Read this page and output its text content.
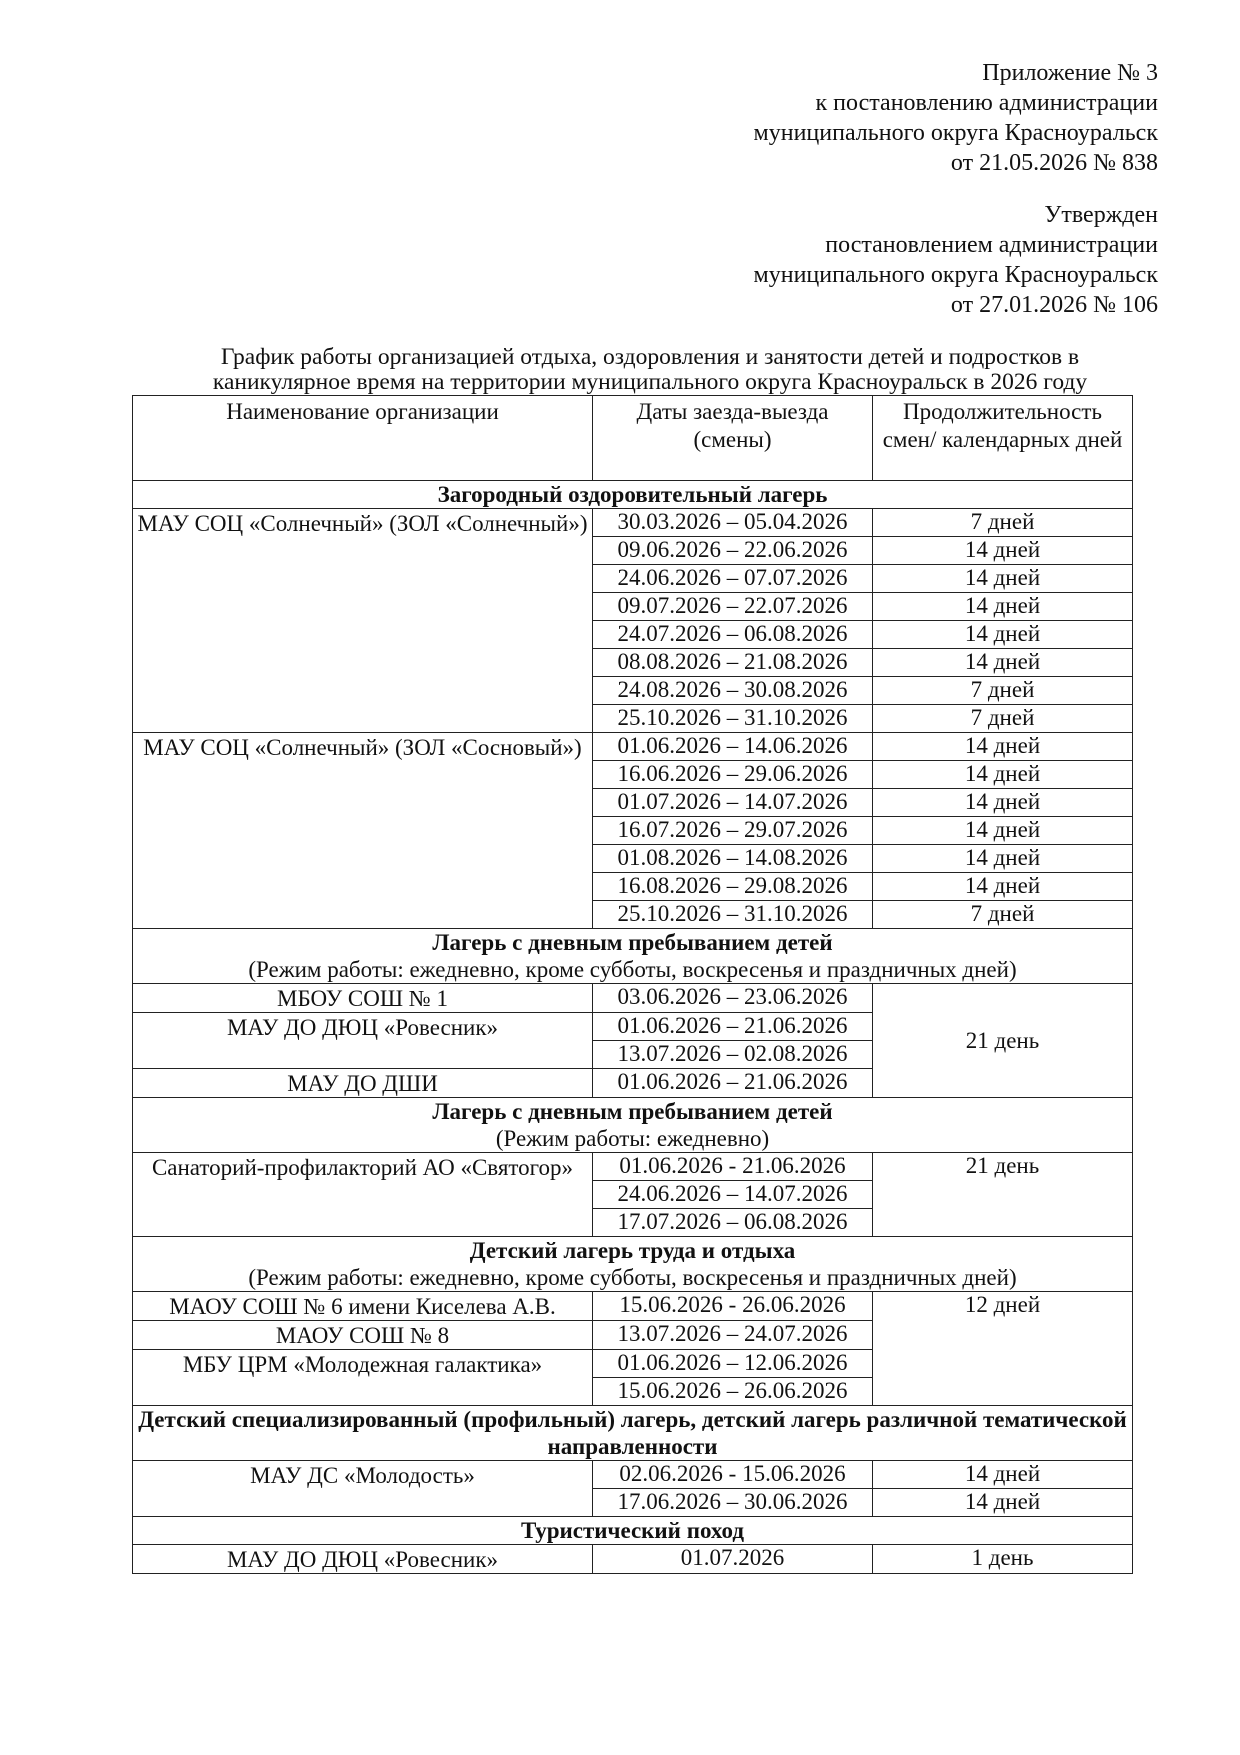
Приложение № 3
к постановлению администрации
муниципального округа Красноуральск
от 21.05.2026 № 838
Утвержден
постановлением администрации
муниципального округа Красноуральск
от 27.01.2026 № 106
График работы организацией отдыха, оздоровления и занятости детей и подростков в каникулярное время на территории муниципального округа Красноуральск в 2026 году
Наименование организации	Даты заезда-выезда (смены)	Продолжительность смен/ календарных дней
Загородный оздоровительный лагерь		
МАУ СОЦ «Солнечный» (ЗОЛ «Солнечный»)	30.03.2026 – 05.04.2026	7 дней
	09.06.2026 – 22.06.2026	14 дней
	24.06.2026 – 07.07.2026	14 дней
	09.07.2026 – 22.07.2026	14 дней
	24.07.2026 – 06.08.2026	14 дней
	08.08.2026 – 21.08.2026	14 дней
	24.08.2026 – 30.08.2026	7 дней
	25.10.2026 – 31.10.2026	7 дней
МАУ СОЦ «Солнечный» (ЗОЛ «Сосновый»)	01.06.2026 – 14.06.2026	14 дней
	16.06.2026 – 29.06.2026	14 дней
	01.07.2026 – 14.07.2026	14 дней
	16.07.2026 – 29.07.2026	14 дней
	01.08.2026 – 14.08.2026	14 дней
	16.08.2026 – 29.08.2026	14 дней
	25.10.2026 – 31.10.2026	7 дней
Лагерь с дневным пребыванием детей
(Режим работы: ежедневно, кроме субботы, воскресенья и праздничных дней)		

МБОУ СОШ № 1	03.06.2026 – 23.06.2026	21 день
МАУ ДО ДЮЦ «Ровесник»	01.06.2026 – 21.06.2026	
	13.07.2026 – 02.08.2026	
МАУ ДО ДШИ	01.06.2026 – 21.06.2026	
Лагерь с дневным пребыванием детей
(Режим работы: ежедневно)		

Санаторий-профилакторий АО «Святогор»	01.06.2026 - 21.06.2026	21 день
	24.06.2026 – 14.07.2026	
	17.07.2026 – 06.08.2026	
Детский лагерь труда и отдыха
(Режим работы: ежедневно, кроме субботы, воскресенья и праздничных дней)		

МАОУ СОШ № 6 имени Киселева А.В.	15.06.2026 - 26.06.2026	12 дней
МАОУ СОШ № 8	13.07.2026 – 24.07.2026	
МБУ ЦРМ «Молодежная галактика»	01.06.2026 – 12.06.2026	
	15.06.2026 – 26.06.2026	
Детский специализированный (профильный) лагерь, детский лагерь различной тематической направленности		
МАУ ДС «Молодость»	02.06.2026 - 15.06.2026	14 дней
	17.06.2026 – 30.06.2026	14 дней
Туристический поход		
МАУ ДО ДЮЦ «Ровесник»	01.07.2026	1 день
